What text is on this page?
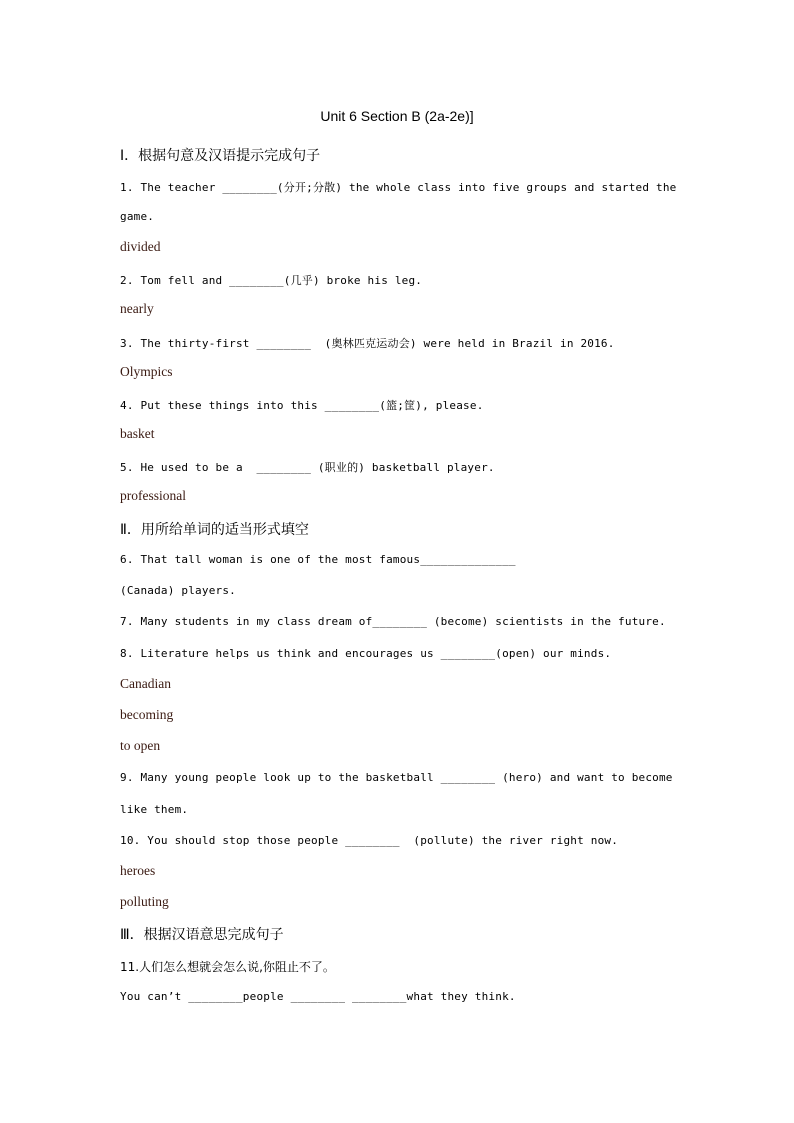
Unit 6 Section B (2a-2e)]
Ⅰ．根据句意及汉语提示完成句子
1. The teacher ________(分开;分散) the whole class into five groups and started the
game.
divided
2. Tom fell and ________(几乎) broke his leg.
nearly
3. The thirty-first ________  (奥林匹克运动会) were held in Brazil in 2016.
Olympics
4. Put these things into this ________(篮;筐), please.
basket
5. He used to be a  ________ (职业的) basketball player.
professional
Ⅱ．用所给单词的适当形式填空
6. That tall woman is one of the most famous______________
(Canada) players.
7. Many students in my class dream of________ (become) scientists in the future.
8. Literature helps us think and encourages us ________(open) our minds.
Canadian
becoming
to open
9. Many young people look up to the basketball ________ (hero) and want to become
like them.
10. You should stop those people ________  (pollute) the river right now.
heroes
polluting
Ⅲ．根据汉语意思完成句子
11.人们怎么想就会怎么说,你阻止不了。
You can’t ________people ________ ________what they think.
